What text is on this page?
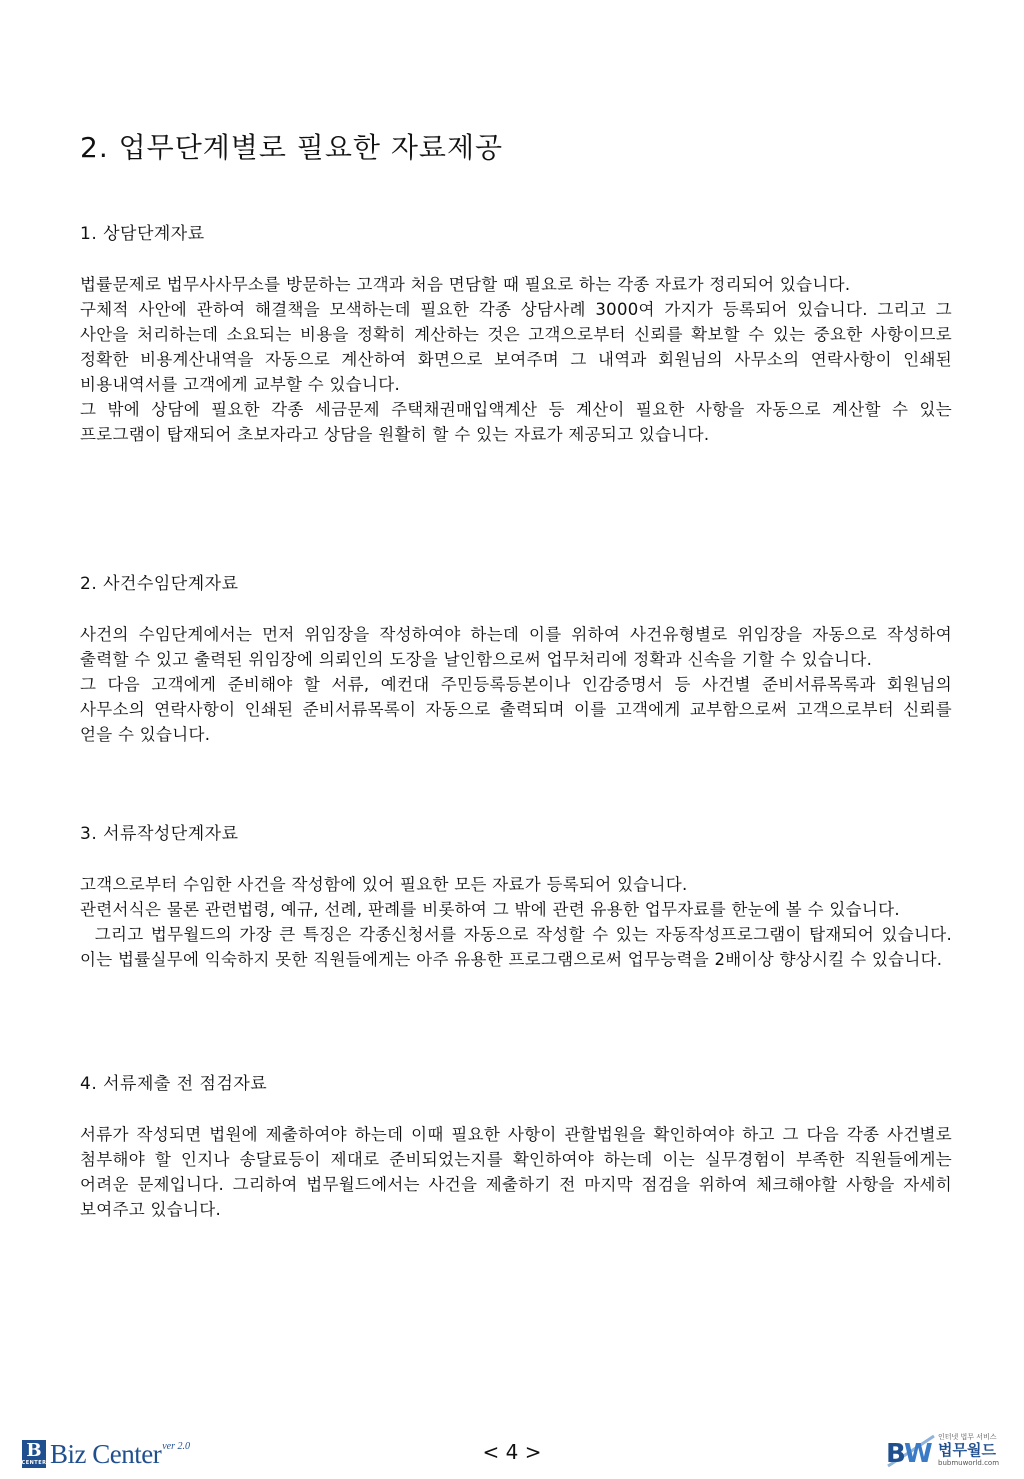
2. 업무단계별로 필요한 자료제공
1. 상담단계자료

법률문제로 법무사사무소를 방문하는 고객과 처음 면담할 때 필요로 하는 각종 자료가 정리되어 있습니다.

구체적 사안에 관하여 해결책을 모색하는데 필요한 각종 상담사례 3000여 가지가 등록되어 있습니다. 그리고 그 사안을 처리하는데 소요되는 비용을 정확히 계산하는 것은 고객으로부터 신뢰를 확보할 수 있는 중요한 사항이므로 정확한 비용계산내역을 자동으로 계산하여 화면으로 보여주며 그 내역과 회원님의 사무소의 연락사항이 인쇄된 비용내역서를 고객에게 교부할 수 있습니다.

그 밖에 상담에 필요한 각종 세금문제 주택채권매입액계산 등 계산이 필요한 사항을 자동으로 계산할 수 있는 프로그램이 탑재되어 초보자라고 상담을 원활히 할 수 있는 자료가 제공되고 있습니다.

2. 사건수임단계자료

사건의 수임단계에서는 먼저 위임장을 작성하여야 하는데 이를 위하여 사건유형별로 위임장을 자동으로 작성하여 출력할 수 있고 출력된 위임장에 의뢰인의 도장을 날인함으로써 업무처리에 정확과 신속을 기할 수 있습니다.

그 다음 고객에게 준비해야 할 서류, 예컨대 주민등록등본이나 인감증명서 등 사건별 준비서류목록과 회원님의 사무소의 연락사항이 인쇄된 준비서류목록이 자동으로 출력되며 이를 고객에게 교부함으로써 고객으로부터 신뢰를 얻을 수 있습니다.

3. 서류작성단계자료

고객으로부터 수임한 사건을 작성함에 있어 필요한 모든 자료가 등록되어 있습니다.

관련서식은 물론 관련법령, 예규, 선례, 판례를 비롯하여 그 밖에 관련 유용한 업무자료를 한눈에 볼 수 있습니다.

그리고 법무월드의 가장 큰 특징은 각종신청서를 자동으로 작성할 수 있는 자동작성프로그램이 탑재되어 있습니다. 이는 법률실무에 익숙하지 못한 직원들에게는 아주 유용한 프로그램으로써 업무능력을 2배이상 향상시킬 수 있습니다.

4. 서류제출 전 점검자료

서류가 작성되면 법원에 제출하여야 하는데 이때 필요한 사항이 관할법원을 확인하여야 하고 그 다음 각종 사건별로 첨부해야 할 인지나 송달료등이 제대로 준비되었는지를 확인하여야 하는데 이는 실무경험이 부족한 직원들에게는 어려운 문제입니다. 그리하여 법무월드에서는 사건을 제출하기 전 마지막 점검을 위하여 체크해야할 사항을 자세히 보여주고 있습니다.

B
CENTER Biz Center ver 2.0	< 4 >	B
W
인터넷 법무 서비스
법무월드
bubmuworld.com
